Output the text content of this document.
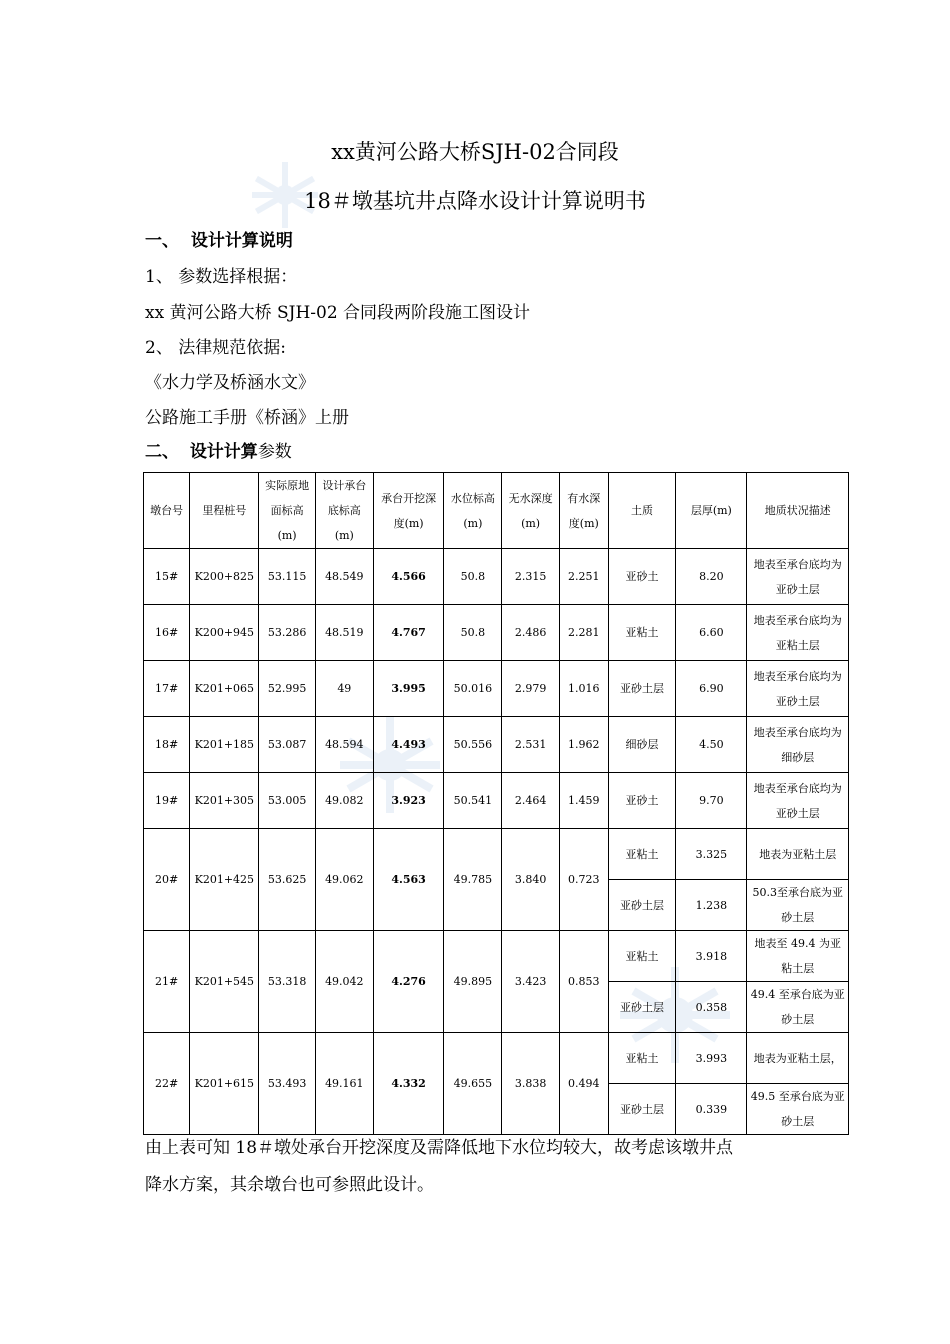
xx黄河公路大桥SJH-02合同段
18＃墩基坑井点降水设计计算说明书
一、 设计计算说明
1、 参数选择根据：
xx 黄河公路大桥 SJH-02 合同段两阶段施工图设计
2、 法律规范依据:
《水力学及桥涵水文》
公路施工手册《桥涵》上册
二、 设计计算参数
墩台号	里程桩号	实际原地面标高(m)	设计承台底标高(m)	承台开挖深度(m)	水位标高(m)	无水深度(m)	有水深度(m)	土质	层厚(m)	地质状况描述
15#	K200+825	53.115	48.549	4.566	50.8	2.315	2.251	亚砂土	8.20	地表至承台底均为亚砂土层
16#	K200+945	53.286	48.519	4.767	50.8	2.486	2.281	亚粘土	6.60	地表至承台底均为亚粘土层
17#	K201+065	52.995	49	3.995	50.016	2.979	1.016	亚砂土层	6.90	地表至承台底均为亚砂土层
18#	K201+185	53.087	48.594	4.493	50.556	2.531	1.962	细砂层	4.50	地表至承台底均为细砂层
19#	K201+305	53.005	49.082	3.923	50.541	2.464	1.459	亚砂土	9.70	地表至承台底均为亚砂土层
20#	K201+425	53.625	49.062	4.563	49.785	3.840	0.723	亚粘土	3.325	地表为亚粘土层
								亚砂土层	1.238	50.3至承台底为亚砂土层
21#	K201+545	53.318	49.042	4.276	49.895	3.423	0.853	亚粘土	3.918	地表至 49.4 为亚粘土层
								亚砂土层	0.358	49.4 至承台底为亚砂土层
22#	K201+615	53.493	49.161	4.332	49.655	3.838	0.494	亚粘土	3.993	地表为亚粘土层，
								亚砂土层	0.339	49.5 至承台底为亚砂土层
由上表可知 18＃墩处承台开挖深度及需降低地下水位均较大，故考虑该墩井点
降水方案，其余墩台也可参照此设计。
